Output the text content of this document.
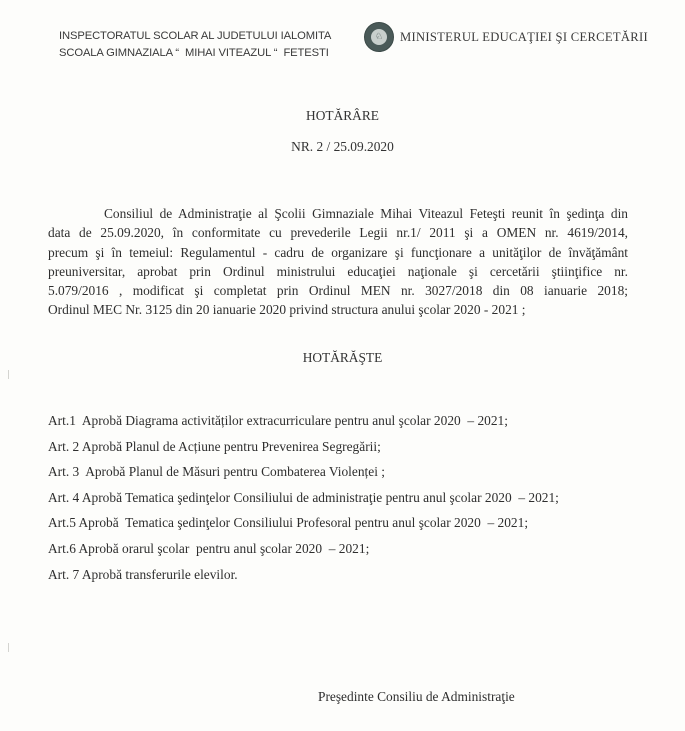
INSPECTORATUL SCOLAR AL JUDETULUI IALOMITA
SCOALA GIMNAZIALA “  MIHAI VITEAZUL “  FETESTI
♘	MINISTERUL EDUCAŢIEI ŞI CERCETĂRII
HOTĂRÂRE
NR. 2 / 25.09.2020
Consiliul de Administraţie al Şcolii Gimnaziale Mihai Viteazul Feteşti reunit în şedinţa din
data de 25.09.2020, în conformitate cu prevederile Legii nr.1/ 2011 şi a OMEN nr. 4619/2014,
precum şi în temeiul: Regulamentul - cadru de organizare şi funcţionare a unităţilor de învăţământ
preuniversitar, aprobat prin Ordinul ministrului educaţiei naţionale şi cercetării ştiinţifice nr.
5.079/2016 , modificat şi completat prin Ordinul MEN nr. 3027/2018 din 08 ianuarie 2018;
Ordinul MEC Nr. 3125 din 20 ianuarie 2020 privind structura anului şcolar 2020 - 2021 ;
HOTĂRĂŞTE
Art.1  Aprobă Diagrama activităților extracurriculare pentru anul şcolar 2020  – 2021;
Art. 2 Aprobă Planul de Acțiune pentru Prevenirea Segregării;
Art. 3  Aprobă Planul de Măsuri pentru Combaterea Violenței ;
Art. 4 Aprobă Tematica şedinţelor Consiliului de administraţie pentru anul şcolar 2020  – 2021;
Art.5 Aprobă  Tematica şedinţelor Consiliului Profesoral pentru anul şcolar 2020  – 2021;
Art.6 Aprobă orarul şcolar  pentru anul şcolar 2020  – 2021;
Art. 7 Aprobă transferurile elevilor.
Preşedinte Consiliu de Administraţie
